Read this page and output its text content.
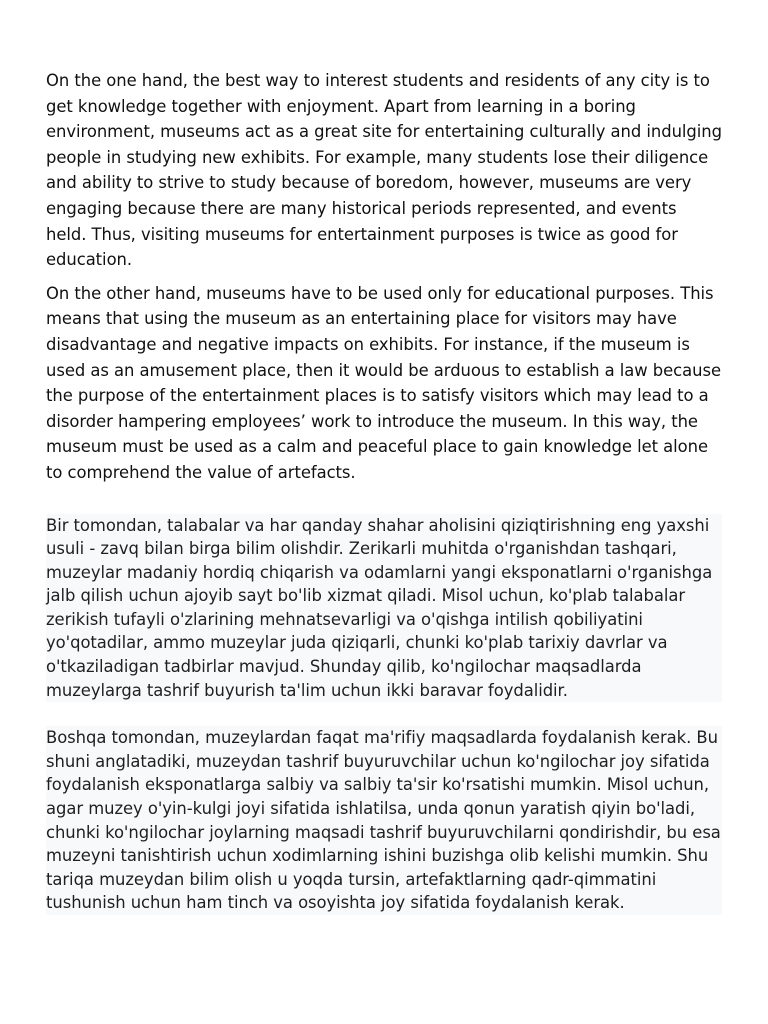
On the one hand, the best way to interest students and residents of any city is to get knowledge together with enjoyment. Apart from learning in a boring environment, museums act as a great site for entertaining culturally and indulging people in studying new exhibits. For example, many students lose their diligence and ability to strive to study because of boredom, however, museums are very engaging because there are many historical periods represented, and events held. Thus, visiting museums for entertainment purposes is twice as good for education.

On the other hand, museums have to be used only for educational purposes. This means that using the museum as an entertaining place for visitors may have disadvantage and negative impacts on exhibits. For instance, if the museum is used as an amusement place, then it would be arduous to establish a law because the purpose of the entertainment places is to satisfy visitors which may lead to a disorder hampering employees’ work to introduce the museum. In this way, the museum must be used as a calm and peaceful place to gain knowledge let alone to comprehend the value of artefacts.

Bir tomondan, talabalar va har qanday shahar aholisini qiziqtirishning eng yaxshi usuli - zavq bilan birga bilim olishdir. Zerikarli muhitda o'rganishdan tashqari, muzeylar madaniy hordiq chiqarish va odamlarni yangi eksponatlarni o'rganishga jalb qilish uchun ajoyib sayt bo'lib xizmat qiladi. Misol uchun, ko'plab talabalar zerikish tufayli o'zlarining mehnatsevarligi va o'qishga intilish qobiliyatini yo'qotadilar, ammo muzeylar juda qiziqarli, chunki ko'plab tarixiy davrlar va o'tkaziladigan tadbirlar mavjud. Shunday qilib, ko'ngilochar maqsadlarda muzeylarga tashrif buyurish ta'lim uchun ikki baravar foydalidir.

Boshqa tomondan, muzeylardan faqat ma'rifiy maqsadlarda foydalanish kerak. Bu shuni anglatadiki, muzeydan tashrif buyuruvchilar uchun ko'ngilochar joy sifatida foydalanish eksponatlarga salbiy va salbiy ta'sir ko'rsatishi mumkin. Misol uchun, agar muzey o'yin-kulgi joyi sifatida ishlatilsa, unda qonun yaratish qiyin bo'ladi, chunki ko'ngilochar joylarning maqsadi tashrif buyuruvchilarni qondirishdir, bu esa muzeyni tanishtirish uchun xodimlarning ishini buzishga olib kelishi mumkin. Shu tariqa muzeydan bilim olish u yoqda tursin, artefaktlarning qadr-qimmatini tushunish uchun ham tinch va osoyishta joy sifatida foydalanish kerak.
